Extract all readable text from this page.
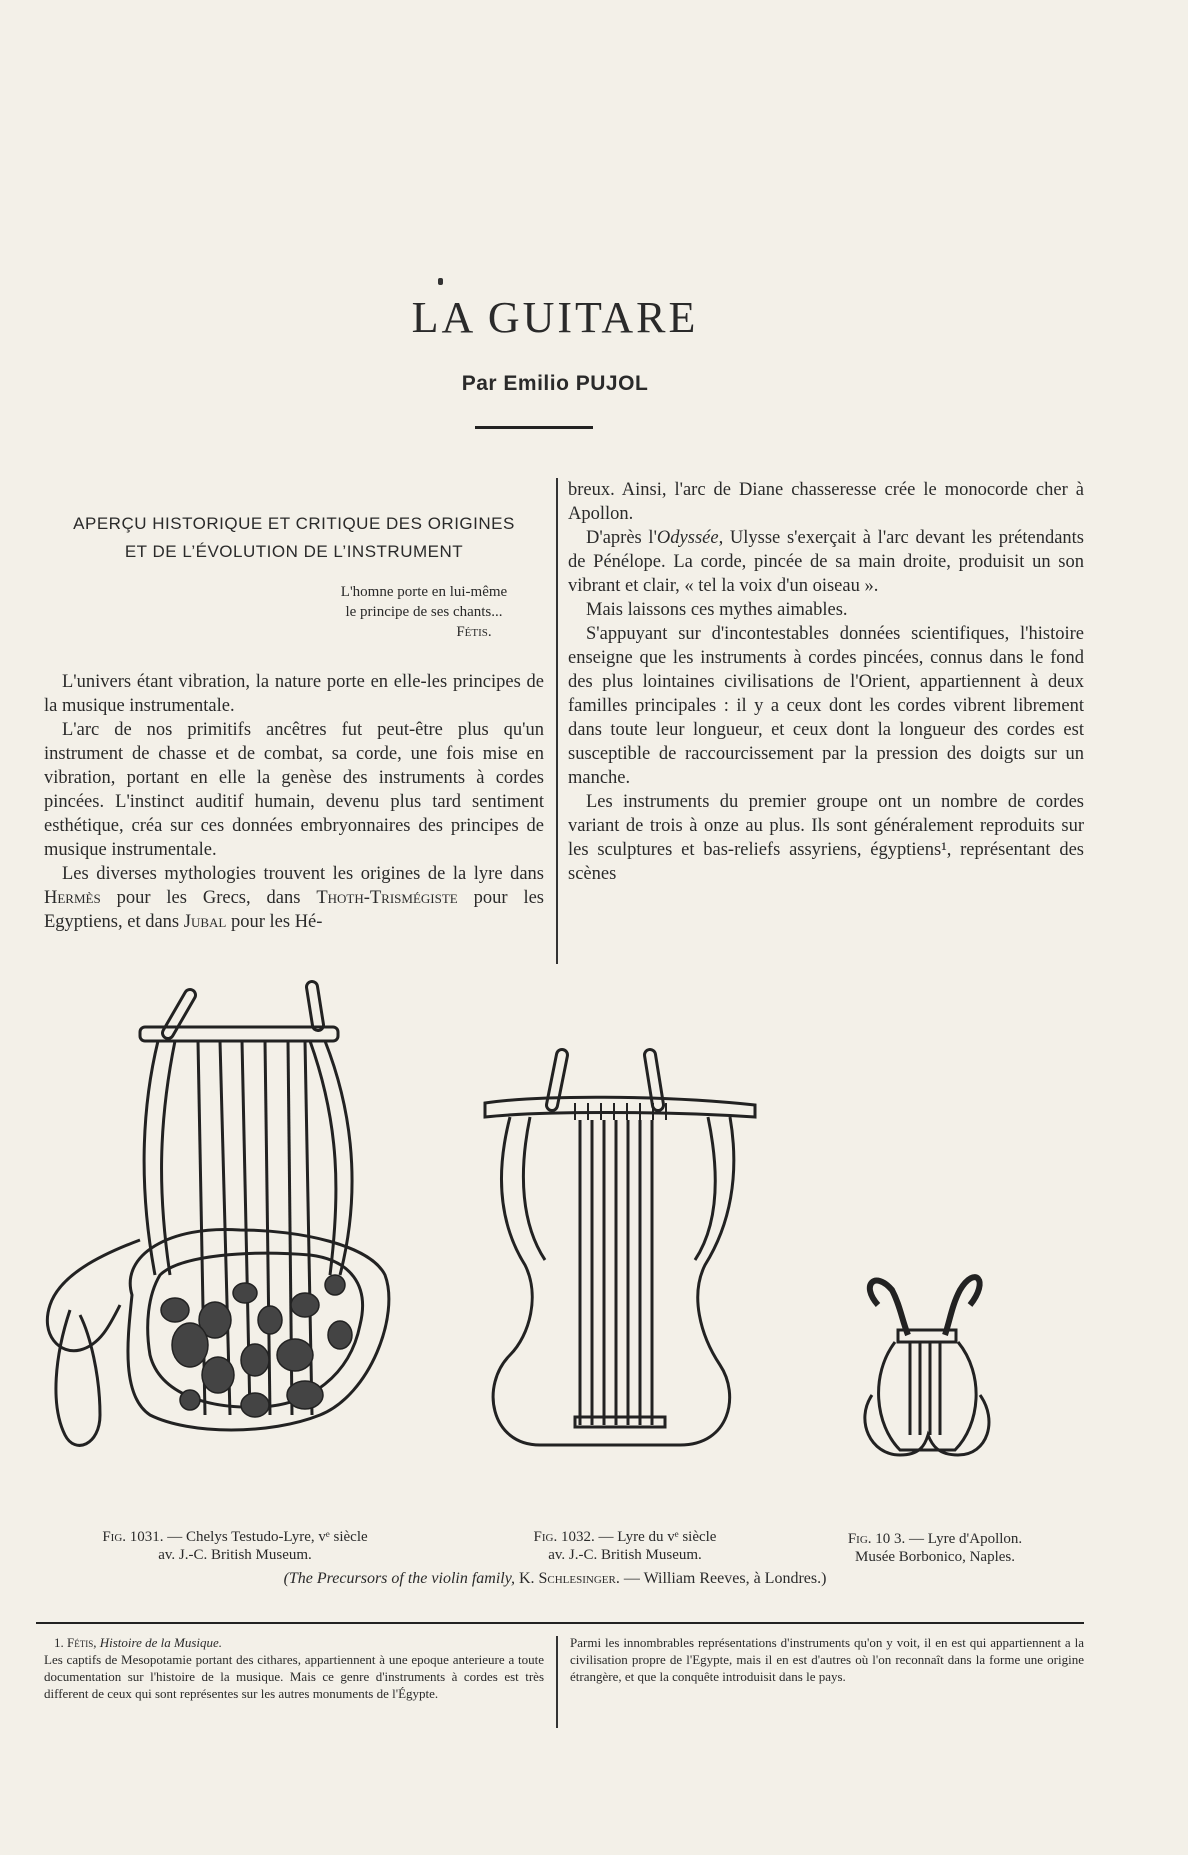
LA GUITARE
Par Emilio PUJOL
APERÇU HISTORIQUE ET CRITIQUE DES ORIGINES
ET DE L’ÉVOLUTION DE L’INSTRUMENT
L'homne porte en lui-même
le principe de ses chants...
Fétis.

L'univers étant vibration, la nature porte en elle-les principes de la musique instrumentale.

L'arc de nos primitifs ancêtres fut peut-être plus qu'un instrument de chasse et de combat, sa corde, une fois mise en vibration, portant en elle la genèse des instruments à cordes pincées. L'instinct auditif humain, devenu plus tard sentiment esthétique, créa sur ces données embryonnaires des principes de musique instrumentale.

Les diverses mythologies trouvent les origines de la lyre dans Hermès pour les Grecs, dans Thoth-Trismégiste pour les Egyptiens, et dans Jubal pour les Hé-

breux. Ainsi, l'arc de Diane chasseresse crée le monocorde cher à Apollon.

D'après l'Odyssée, Ulysse s'exerçait à l'arc devant les prétendants de Pénélope. La corde, pincée de sa main droite, produisit un son vibrant et clair, « tel la voix d'un oiseau ».

Mais laissons ces mythes aimables.

S'appuyant sur d'incontestables données scientifiques, l'histoire enseigne que les instruments à cordes pincées, connus dans le fond des plus lointaines civilisations de l'Orient, appartiennent à deux familles principales : il y a ceux dont les cordes vibrent librement dans toute leur longueur, et ceux dont la longueur des cordes est susceptible de raccourcissement par la pression des doigts sur un manche.

Les instruments du premier groupe ont un nombre de cordes variant de trois à onze au plus. Ils sont généralement reproduits sur les sculptures et bas-reliefs assyriens, égyptiens¹, représentant des scènes

Fig. 1031. — Chelys Testudo-Lyre, vᵉ siècle
av. J.-C. British Museum.
Fig. 1032. — Lyre du vᵉ siècle
av. J.-C. British Museum.
Fig. 10 3. — Lyre d'Apollon.
Musée Borbonico, Naples.
(The Precursors of the violin family, K. Schlesinger. — William Reeves, à Londres.)
1. Fétis, Histoire de la Musique.
Les captifs de Mesopotamie portant des cithares, appartiennent à une epoque anterieure a toute documentation sur l'histoire de la musique. Mais ce genre d'instruments à cordes est très different de ceux qui sont représentes sur les autres monuments de l'Égypte.
Parmi les innombrables représentations d'instruments qu'on y voit, il en est qui appartiennent a la civilisation propre de l'Egypte, mais il en est d'autres où l'on reconnaît dans la forme une origine étrangère, et que la conquête introduisit dans le pays.
